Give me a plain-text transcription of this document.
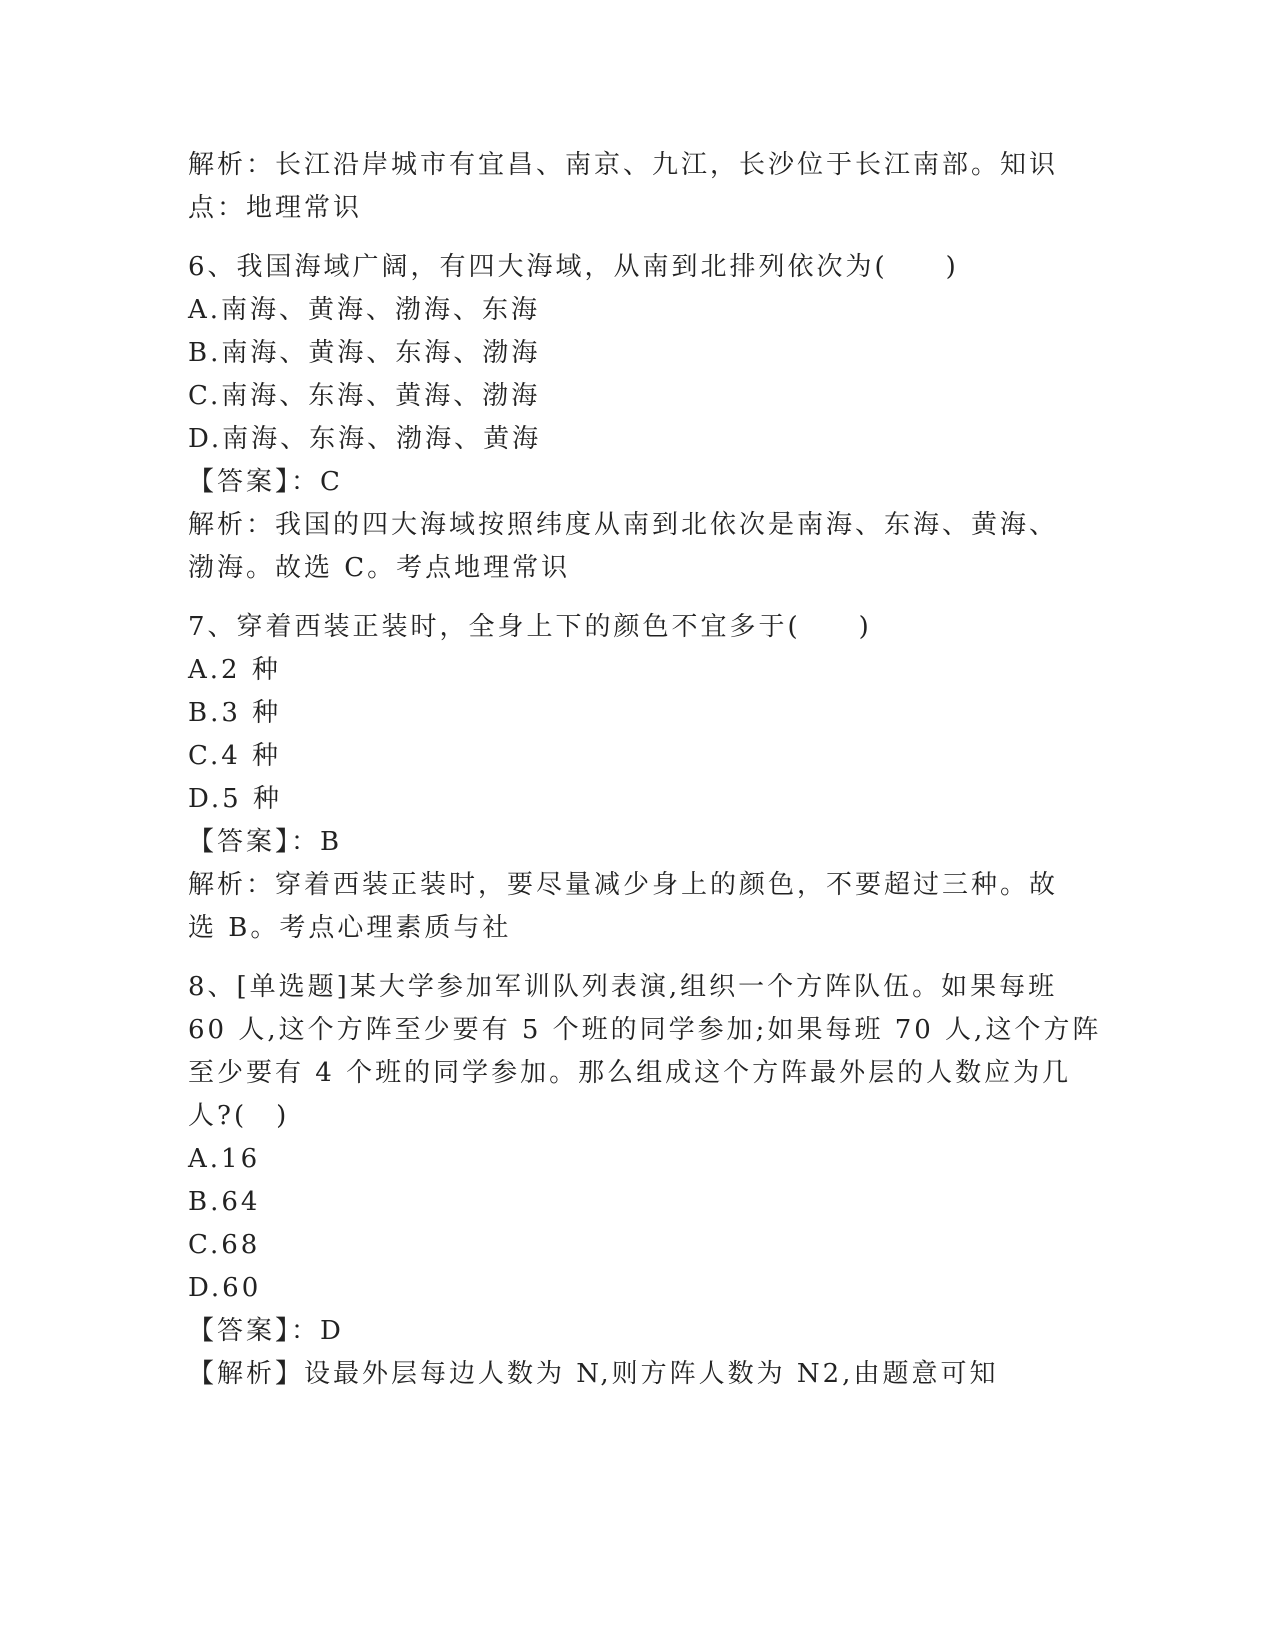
解析：长江沿岸城市有宜昌、南京、九江，长沙位于长江南部。知识
点：地理常识
6、我国海域广阔，有四大海域，从南到北排列依次为(　　)
A.南海、黄海、渤海、东海
B.南海、黄海、东海、渤海
C.南海、东海、黄海、渤海
D.南海、东海、渤海、黄海
【答案】：C
解析：我国的四大海域按照纬度从南到北依次是南海、东海、黄海、
渤海。故选 C。考点地理常识
7、穿着西装正装时，全身上下的颜色不宜多于(　　)
A.2 种
B.3 种
C.4 种
D.5 种
【答案】：B
解析：穿着西装正装时，要尽量减少身上的颜色，不要超过三种。故
选 B。考点心理素质与社
8、[单选题]某大学参加军训队列表演,组织一个方阵队伍。如果每班
60 人,这个方阵至少要有 5 个班的同学参加;如果每班 70 人,这个方阵
至少要有 4 个班的同学参加。那么组成这个方阵最外层的人数应为几
人?(　)
A.16
B.64
C.68
D.60
【答案】：D
【解析】设最外层每边人数为 N,则方阵人数为 N2,由题意可知
